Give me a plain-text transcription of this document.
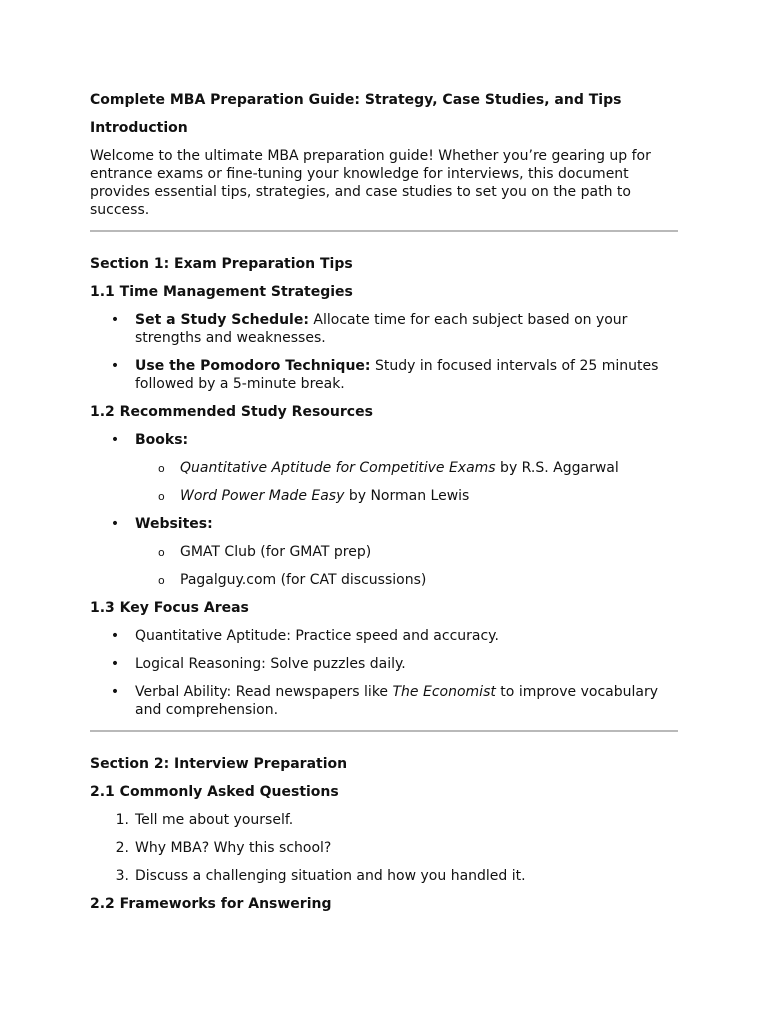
Complete MBA Preparation Guide: Strategy, Case Studies, and Tips

Introduction

Welcome to the ultimate MBA preparation guide! Whether you’re gearing up for entrance exams or fine-tuning your knowledge for interviews, this document provides essential tips, strategies, and case studies to set you on the path to success.

Section 1: Exam Preparation Tips

1.1 Time Management Strategies

• Set a Study Schedule: Allocate time for each subject based on your strengths and weaknesses.
• Use the Pomodoro Technique: Study in focused intervals of 25 minutes followed by a 5-minute break.

1.2 Recommended Study Resources

• Books:
o Quantitative Aptitude for Competitive Exams by R.S. Aggarwal
o Word Power Made Easy by Norman Lewis
• Websites:
o GMAT Club (for GMAT prep)
o Pagalguy.com (for CAT discussions)

1.3 Key Focus Areas

• Quantitative Aptitude: Practice speed and accuracy.
• Logical Reasoning: Solve puzzles daily.
• Verbal Ability: Read newspapers like The Economist to improve vocabulary and comprehension.

Section 2: Interview Preparation

2.1 Commonly Asked Questions

1. Tell me about yourself.
2. Why MBA? Why this school?
3. Discuss a challenging situation and how you handled it.

2.2 Frameworks for Answering
